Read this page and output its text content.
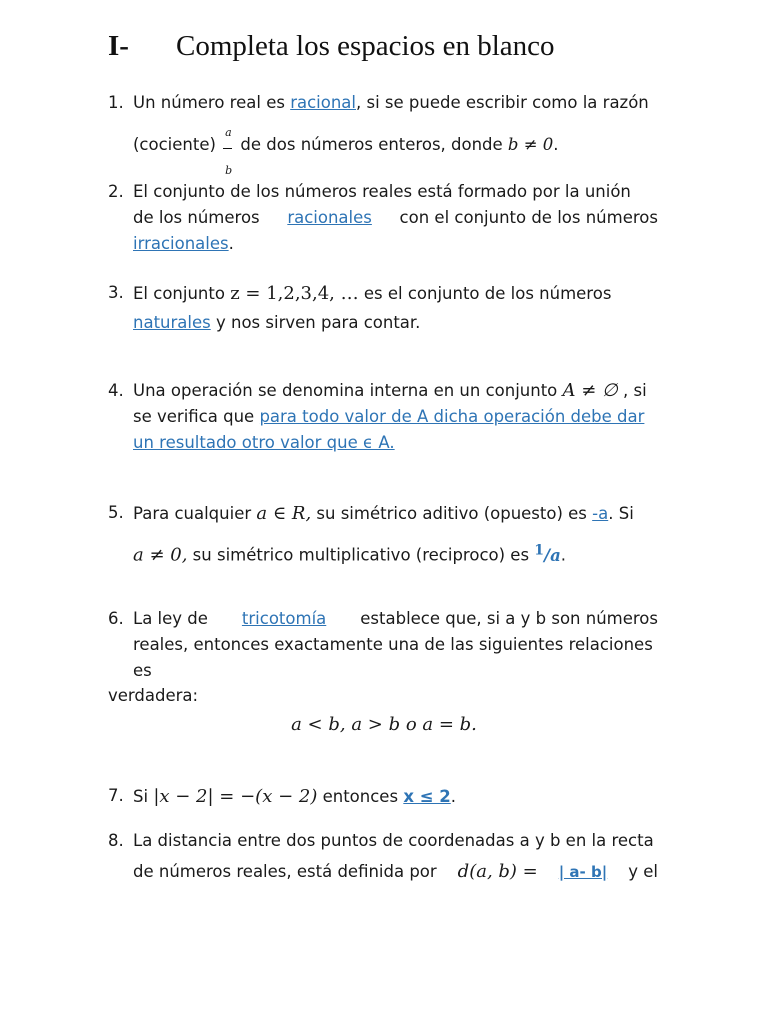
I- Completa los espacios en blanco
1. Un número real es racional, si se puede escribir como la razón
(cociente) $\frac{a}{b}$ de dos números enteros, donde b ≠ 0.
2. El conjunto de los números reales está formado por la unión
de los números racionales con el conjunto de los números
irracionales.
3. El conjunto z = 1,2,3,4, … es el conjunto de los números
naturales y nos sirven para contar.
4. Una operación se denomina interna en un conjunto A ≠ ∅ , si
se verifica que para todo valor de A dicha operación debe dar
un resultado otro valor que ϵ A.
5. Para cualquier a ∈ R, su simétrico aditivo (opuesto) es -a. Si
a ≠ 0, su simétrico multiplicativo (reciproco) es $^1$/a.
6. La ley de tricotomía establece que, si a y b son números
reales, entonces exactamente una de las siguientes relaciones
es
verdadera:
a < b, a > b o a = b.
7. Si |x − 2| = −(x − 2) entonces x ≤ 2.
8. La distancia entre dos puntos de coordenadas a y b en la recta
de números reales, está definida por d(a, b) = | a- b| y el
